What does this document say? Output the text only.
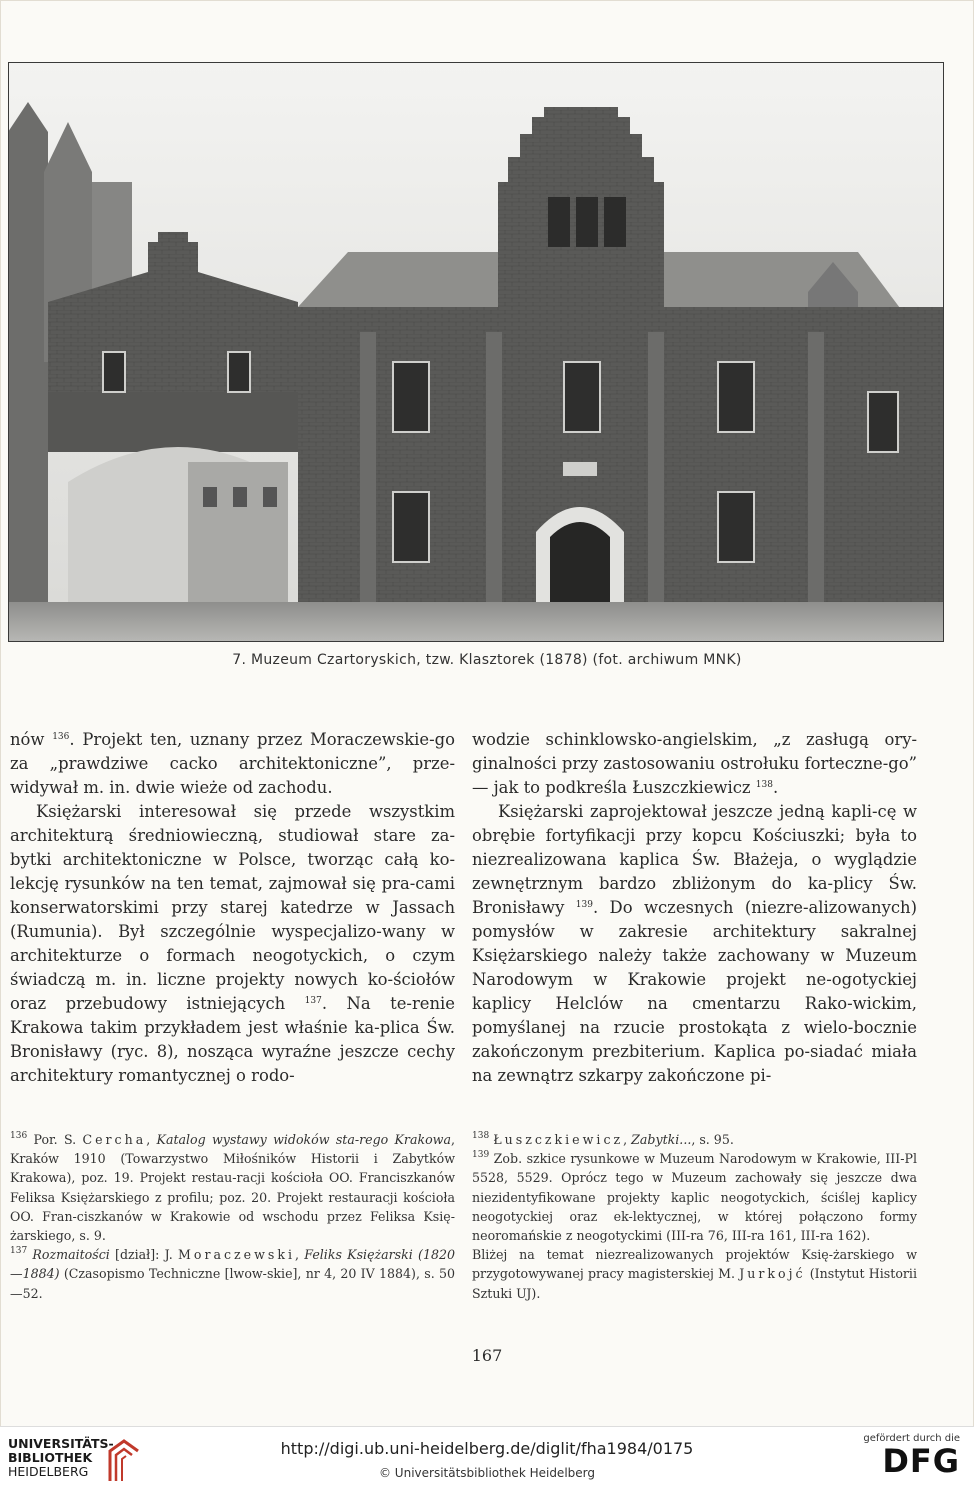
7. Muzeum Czartoryskich, tzw. Klasztorek (1878) (fot. archiwum MNK)

nów $^{136}$. Projekt ten, uznany przez Moraczewskie-go za „prawdziwe cacko architektoniczne”, prze-widywał m. in. dwie wieże od zachodu.

Księżarski interesował się przede wszystkim architekturą średniowieczną, studiował stare za-bytki architektoniczne w Polsce, tworząc całą ko-lekcję rysunków na ten temat, zajmował się pra-cami konserwatorskimi przy starej katedrze w Jassach (Rumunia). Był szczególnie wyspecjalizo-wany w architekturze o formach neogotyckich, o czym świadczą m. in. liczne projekty nowych ko-ściołów oraz przebudowy istniejących $^{137}$. Na te-renie Krakowa takim przykładem jest właśnie ka-plica Św. Bronisławy (ryc. 8), nosząca wyraźne jeszcze cechy architektury romantycznej o rodo-

wodzie schinklowsko-angielskim, „z zasługą ory-ginalności przy zastosowaniu ostrołuku forteczne-go” — jak to podkreśla Łuszczkiewicz $^{138}$.

Księżarski zaprojektował jeszcze jedną kapli-cę w obrębie fortyfikacji przy kopcu Kościuszki; była to niezrealizowana kaplica Św. Błażeja, o wyglądzie zewnętrznym bardzo zbliżonym do ka-plicy Św. Bronisławy $^{139}$. Do wczesnych (niezre-alizowanych) pomysłów w zakresie architektury sakralnej Księżarskiego należy także zachowany w Muzeum Narodowym w Krakowie projekt ne-ogotyckiej kaplicy Helclów na cmentarzu Rako-wickim, pomyślanej na rzucie prostokąta z wielo-bocznie zakończonym prezbiterium. Kaplica po-siadać miała na zewnątrz szkarpy zakończone pi-

$^{136}$ Por. S. Cercha, Katalog wystawy widoków sta-rego Krakowa, Kraków 1910 (Towarzystwo Miłośników Historii i Zabytków Krakowa), poz. 19. Projekt restau-racji kościoła OO. Franciszkanów Feliksa Księżarskiego z profilu; poz. 20. Projekt restauracji kościoła OO. Fran-ciszkanów w Krakowie od wschodu przez Feliksa Księ-żarskiego, s. 9.

$^{137}$ Rozmaitości [dział]: J. Moraczewski, Feliks Księżarski (1820—1884) (Czasopismo Techniczne [lwow-skie], nr 4, 20 IV 1884), s. 50—52.

$^{138}$ Łuszczkiewicz, Zabytki..., s. 95.

$^{139}$ Zob. szkice rysunkowe w Muzeum Narodowym w Krakowie, III-Pl 5528, 5529. Oprócz tego w Muzeum zachowały się jeszcze dwa niezidentyfikowane projekty kaplic neogotyckich, ściślej kaplicy neogotyckiej oraz ek-lektycznej, w której połączono formy neoromańskie z neogotyckimi (III-ra 76, III-ra 161, III-ra 162).

Bliżej na temat niezrealizowanych projektów Księ-żarskiego w przygotowywanej pracy magisterskiej M. Jurkojć (Instytut Historii Sztuki UJ).

167
UNIVERSITÄTS-
BIBLIOTHEK
HEIDELBERG
http://digi.ub.uni-heidelberg.de/diglit/fha1984/0175
© Universitätsbibliothek Heidelberg
gefördert durch die
DFG
